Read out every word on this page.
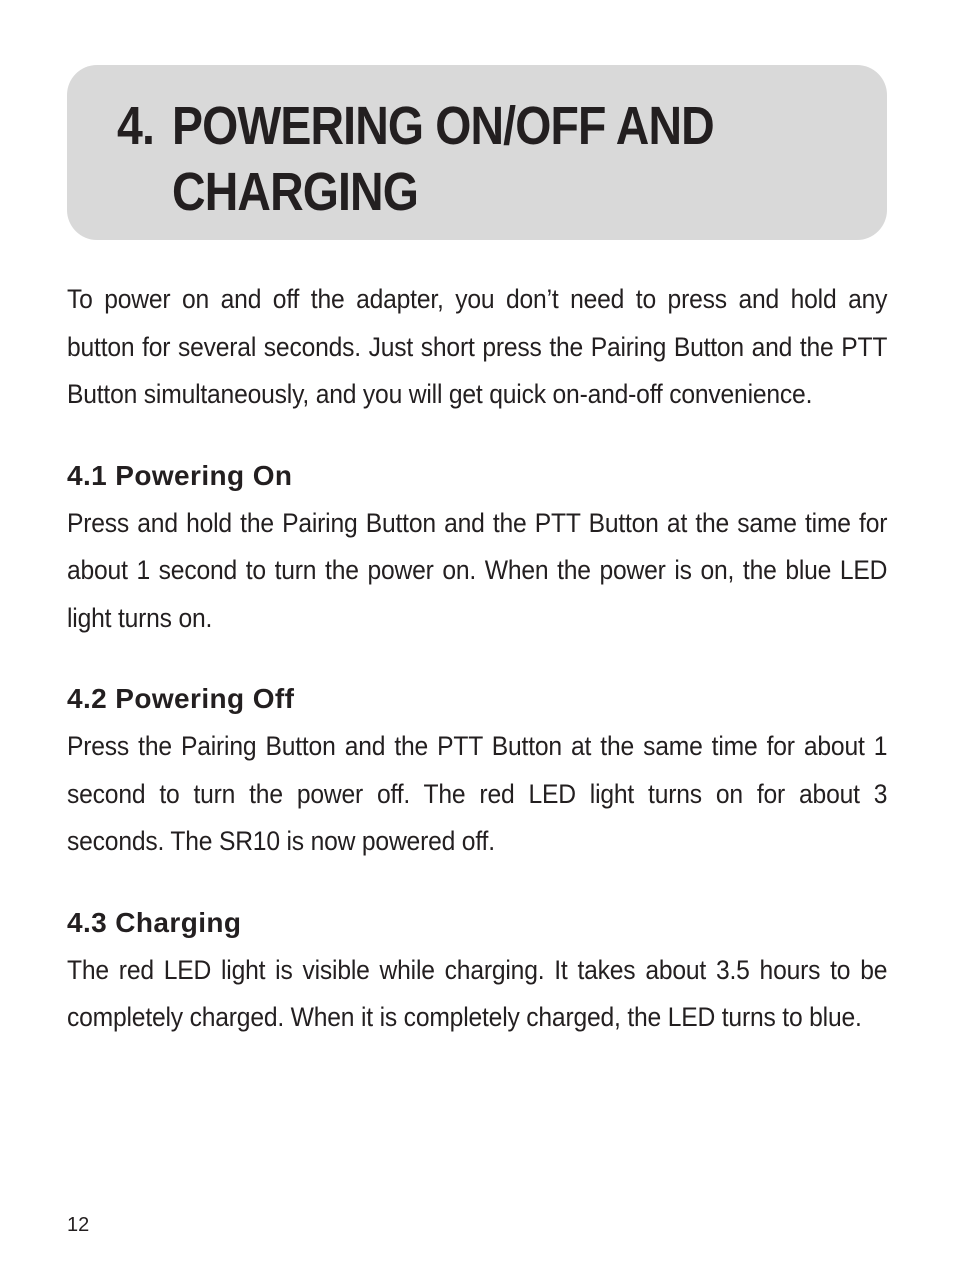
4. POWERING ON/OFF AND
CHARGING

To power on and off the adapter, you don’t need to press and hold any button for several seconds. Just short press the Pairing Button and the PTT Button simultaneously, and you will get quick on-and-off convenience.

4.1 Powering On

Press and hold the Pairing Button and the PTT Button at the same time for about 1 second to turn the power on. When the power is on, the blue LED light turns on.

4.2 Powering Off

Press the Pairing Button and the PTT Button at the same time for about 1 second to turn the power off. The red LED light turns on for about 3 seconds. The SR10 is now powered off.

4.3 Charging

The red LED light is visible while charging. It takes about 3.5 hours to be completely charged. When it is completely charged, the LED turns to blue.

12
